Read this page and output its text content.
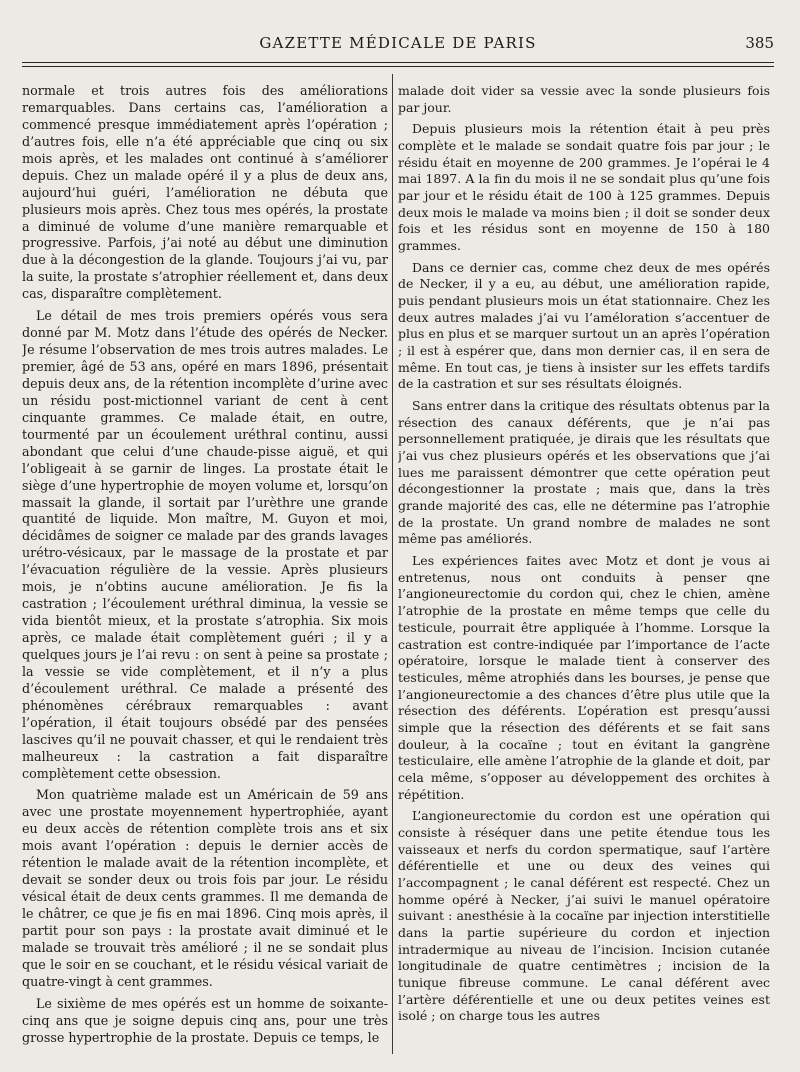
GAZETTE MÉDICALE DE PARIS	385

normale et trois autres fois des améliorations remarquables. Dans certains cas, l’amélioration a commencé presque immédiatement après l’opération ; d’autres fois, elle n’a été appréciable que cinq ou six mois après, et les malades ont continué à s’améliorer depuis. Chez un malade opéré il y a plus de deux ans, aujourd’hui guéri, l’amélioration ne débuta que plusieurs mois après. Chez tous mes opérés, la prostate a diminué de volume d’une manière remarquable et progressive. Parfois, j’ai noté au début une diminution due à la décongestion de la glande. Toujours j’ai vu, par la suite, la prostate s’atrophier réellement et, dans deux cas, disparaître complètement.

Le détail de mes trois premiers opérés vous sera donné par M. Motz dans l’étude des opérés de Necker. Je résume l’observation de mes trois autres malades. Le premier, âgé de 53 ans, opéré en mars 1896, présentait depuis deux ans, de la rétention incomplète d’urine avec un résidu post-mictionnel variant de cent à cent cinquante grammes. Ce malade était, en outre, tourmenté par un écoulement uréthral continu, aussi abondant que celui d’une chaude-pisse aiguë, et qui l’obligeait à se garnir de linges. La prostate était le siège d’une hypertrophie de moyen volume et, lorsqu’on massait la glande, il sortait par l’urèthre une grande quantité de liquide. Mon maître, M. Guyon et moi, décidâmes de soigner ce malade par des grands lavages urétro-vésicaux, par le massage de la prostate et par l’évacuation régulière de la vessie. Après plusieurs mois, je n’obtins aucune amélioration. Je fis la castration ; l’écoulement uréthral diminua, la vessie se vida bientôt mieux, et la prostate s’atrophia. Six mois après, ce malade était complètement guéri ; il y a quelques jours je l’ai revu : on sent à peine sa prostate ; la vessie se vide complètement, et il n’y a plus d’écoulement uréthral. Ce malade a présenté des phénomènes cérébraux remarquables : avant l’opération, il était toujours obsédé par des pensées lascives qu’il ne pouvait chasser, et qui le rendaient très malheureux : la castration a fait disparaître complètement cette obsession.

Mon quatrième malade est un Américain de 59 ans avec une prostate moyennement hypertrophiée, ayant eu deux accès de rétention complète trois ans et six mois avant l’opération : depuis le dernier accès de rétention le malade avait de la rétention incomplète, et devait se sonder deux ou trois fois par jour. Le résidu vésical était de deux cents grammes. Il me demanda de le châtrer, ce que je fis en mai 1896. Cinq mois après, il partit pour son pays : la prostate avait diminué et le malade se trouvait très amélioré ; il ne se sondait plus que le soir en se couchant, et le résidu vésical variait de quatre-vingt à cent grammes.

Le sixième de mes opérés est un homme de soixante-cinq ans que je soigne depuis cinq ans, pour une très grosse hypertrophie de la prostate. Depuis ce temps, le

malade doit vider sa vessie avec la sonde plusieurs fois par jour.

Depuis plusieurs mois la rétention était à peu près complète et le malade se sondait quatre fois par jour ; le résidu était en moyenne de 200 grammes. Je l’opérai le 4 mai 1897. A la fin du mois il ne se sondait plus qu’une fois par jour et le résidu était de 100 à 125 grammes. Depuis deux mois le malade va moins bien ; il doit se sonder deux fois et les résidus sont en moyenne de 150 à 180 grammes.

Dans ce dernier cas, comme chez deux de mes opérés de Necker, il y a eu, au début, une amélioration rapide, puis pendant plusieurs mois un état stationnaire. Chez les deux autres malades j’ai vu l’améloration s’accentuer de plus en plus et se marquer surtout un an après l’opération ; il est à espérer que, dans mon dernier cas, il en sera de même. En tout cas, je tiens à insister sur les effets tardifs de la castration et sur ses résultats éloignés.

Sans entrer dans la critique des résultats obtenus par la résection des canaux déférents, que je n’ai pas personnellement pratiquée, je dirais que les résultats que j’ai vus chez plusieurs opérés et les observations que j’ai lues me paraissent démontrer que cette opération peut décongestionner la prostate ; mais que, dans la très grande majorité des cas, elle ne détermine pas l’atrophie de la prostate. Un grand nombre de malades ne sont même pas améliorés.

Les expériences faites avec Motz et dont je vous ai entretenus, nous ont conduits à penser qne l’angioneurectomie du cordon qui, chez le chien, amène l’atrophie de la prostate en même temps que celle du testicule, pourrait être appliquée à l’homme. Lorsque la castration est contre-indiquée par l’importance de l’acte opératoire, lorsque le malade tient à conserver des testicules, même atrophiés dans les bourses, je pense que l’angioneurectomie a des chances d’être plus utile que la résection des déférents. L’opération est presqu’aussi simple que la résection des déférents et se fait sans douleur, à la cocaïne ; tout en évitant la gangrène testiculaire, elle amène l’atrophie de la glande et doit, par cela même, s’opposer au développement des orchites à répétition.

L’angioneurectomie du cordon est une opération qui consiste à réséquer dans une petite étendue tous les vaisseaux et nerfs du cordon spermatique, sauf l’artère déférentielle et une ou deux des veines qui l’accompagnent ; le canal déférent est respecté. Chez un homme opéré à Necker, j’ai suivi le manuel opératoire suivant : anesthésie à la cocaïne par injection interstitielle dans la partie supérieure du cordon et injection intradermique au niveau de l’incision. Incision cutanée longitudinale de quatre centimètres ; incision de la tunique fibreuse commune. Le canal déférent avec l’artère déférentielle et une ou deux petites veines est isolé ; on charge tous les autres
